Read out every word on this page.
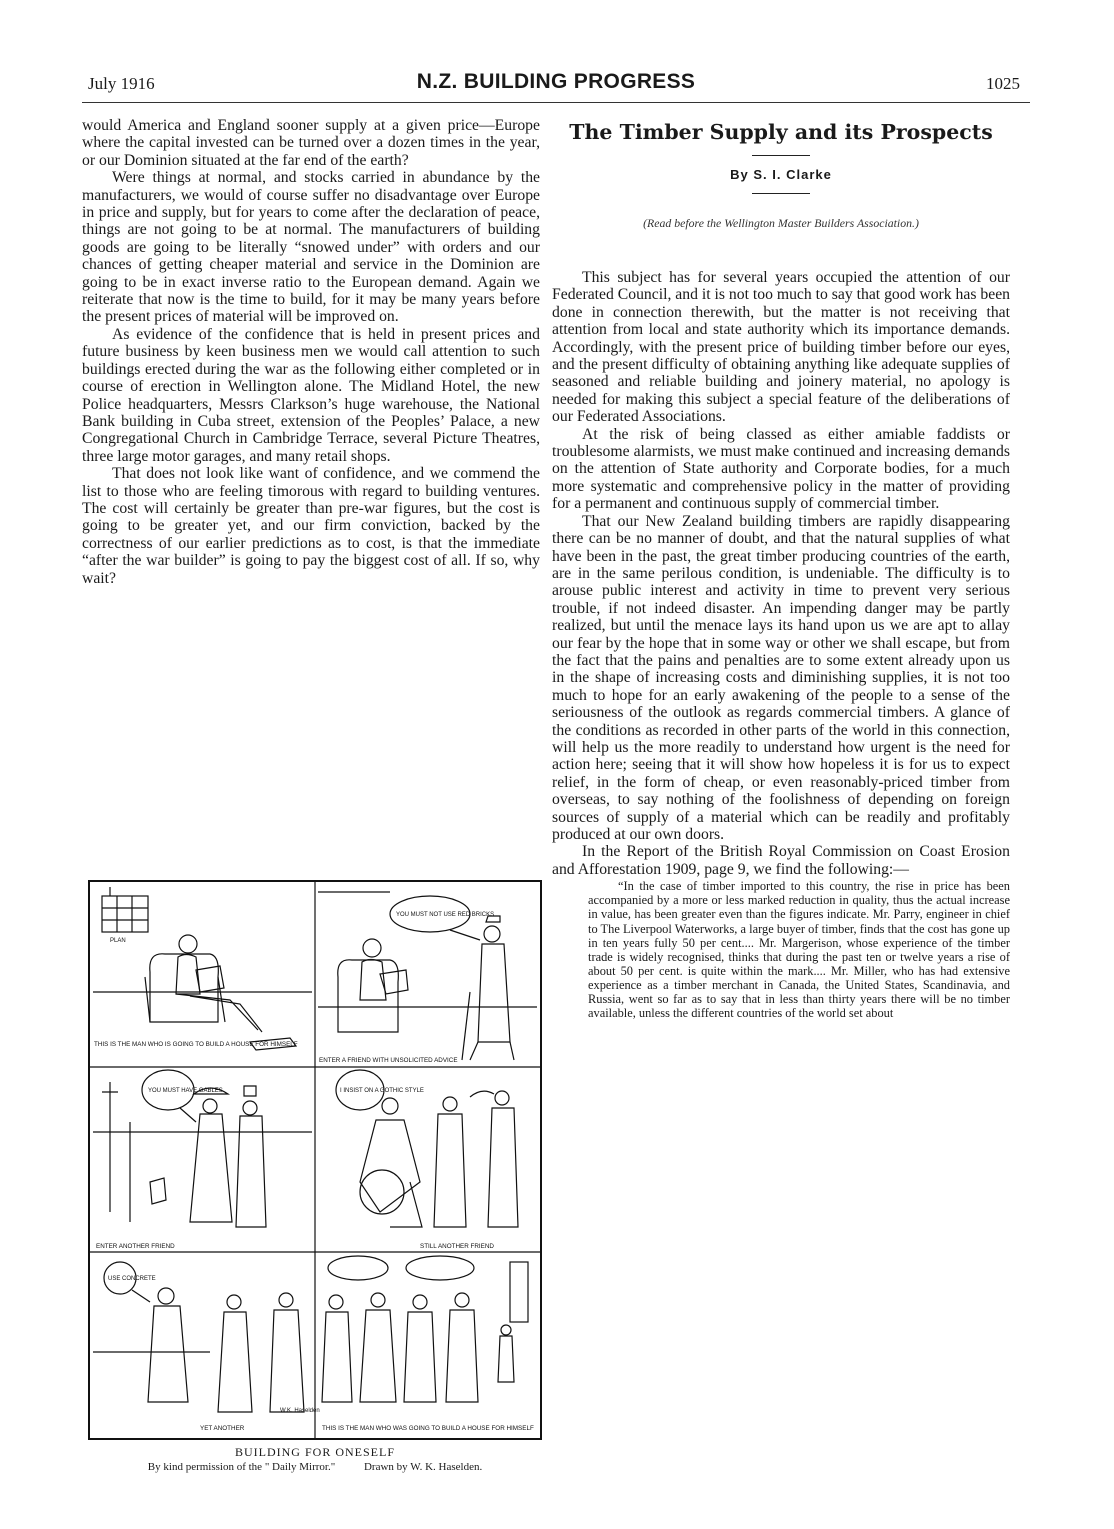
July 1916	N.Z. BUILDING PROGRESS	1025

would America and England sooner supply at a given price—Europe where the capital invested can be turned over a dozen times in the year, or our Dominion situated at the far end of the earth?

Were things at normal, and stocks carried in abundance by the manufacturers, we would of course suffer no disadvantage over Europe in price and supply, but for years to come after the declaration of peace, things are not going to be at normal. The manufacturers of building goods are going to be literally “snowed under” with orders and our chances of getting cheaper material and service in the Dominion are going to be in exact inverse ratio to the European demand. Again we reiterate that now is the time to build, for it may be many years before the present prices of material will be improved on.

As evidence of the confidence that is held in present prices and future business by keen business men we would call attention to such buildings erected during the war as the following either completed or in course of erection in Wellington alone. The Midland Hotel, the new Police headquarters, Messrs Clarkson’s huge warehouse, the National Bank building in Cuba street, extension of the Peoples’ Palace, a new Congregational Church in Cambridge Terrace, several Picture Theatres, three large motor garages, and many retail shops.

That does not look like want of confidence, and we commend the list to those who are feeling timorous with regard to building ventures. The cost will certainly be greater than pre-war figures, but the cost is going to be greater yet, and our firm conviction, backed by the correctness of our earlier predictions as to cost, is that the immediate “after the war builder” is going to pay the biggest cost of all. If so, why wait?

THIS IS THE MAN WHO IS GOING TO BUILD A HOUSE FOR HIMSELF
ENTER A FRIEND WITH UNSOLICITED ADVICE
ENTER ANOTHER FRIEND	STILL ANOTHER FRIEND
YET ANOTHER	THIS IS THE MAN WHO WAS GOING TO BUILD A HOUSE FOR HIMSELF
YOU MUST NOT USE RED BRICKS
YOU MUST HAVE GABLES	I INSIST ON A GOTHIC STYLE
USE CONCRETE
PLAN
W.K. Haselden
BUILDING FOR ONESELF
By kind permission of the " Daily Mirror."	Drawn by W. K. Haselden.
The Timber Supply and its Prospects
By S. I. Clarke
(Read before the Wellington Master Builders Association.)

This subject has for several years occupied the attention of our Federated Council, and it is not too much to say that good work has been done in connection therewith, but the matter is not receiving that attention from local and state authority which its importance demands. Accordingly, with the present price of building timber before our eyes, and the present difficulty of obtaining anything like adequate supplies of seasoned and reliable building and joinery material, no apology is needed for making this subject a special feature of the deliberations of our Federated Associations.

At the risk of being classed as either amiable faddists or troublesome alarmists, we must make continued and increasing demands on the attention of State authority and Corporate bodies, for a much more systematic and comprehensive policy in the matter of providing for a permanent and continuous supply of commercial timber.

That our New Zealand building timbers are rapidly disappearing there can be no manner of doubt, and that the natural supplies of what have been in the past, the great timber producing countries of the earth, are in the same perilous condition, is undeniable. The difficulty is to arouse public interest and activity in time to prevent very serious trouble, if not indeed disaster. An impending danger may be partly realized, but until the menace lays its hand upon us we are apt to allay our fear by the hope that in some way or other we shall escape, but from the fact that the pains and penalties are to some extent already upon us in the shape of increasing costs and diminishing supplies, it is not too much to hope for an early awakening of the people to a sense of the seriousness of the outlook as regards commercial timbers. A glance of the conditions as recorded in other parts of the world in this connection, will help us the more readily to understand how urgent is the need for action here; seeing that it will show how hopeless it is for us to expect relief, in the form of cheap, or even reasonably-priced timber from overseas, to say nothing of the foolishness of depending on foreign sources of supply of a material which can be readily and profitably produced at our own doors.

In the Report of the British Royal Commission on Coast Erosion and Afforestation 1909, page 9, we find the following:—

“In the case of timber imported to this country, the rise in price has been accompanied by a more or less marked reduction in quality, thus the actual increase in value, has been greater even than the figures indicate. Mr. Parry, engineer in chief to The Liverpool Waterworks, a large buyer of timber, finds that the cost has gone up in ten years fully 50 per cent.... Mr. Margerison, whose experience of the timber trade is widely recognised, thinks that during the past ten or twelve years a rise of about 50 per cent. is quite within the mark.... Mr. Miller, who has had extensive experience as a timber merchant in Canada, the United States, Scandinavia, and Russia, went so far as to say that in less than thirty years there will be no timber available, unless the different countries of the world set about
